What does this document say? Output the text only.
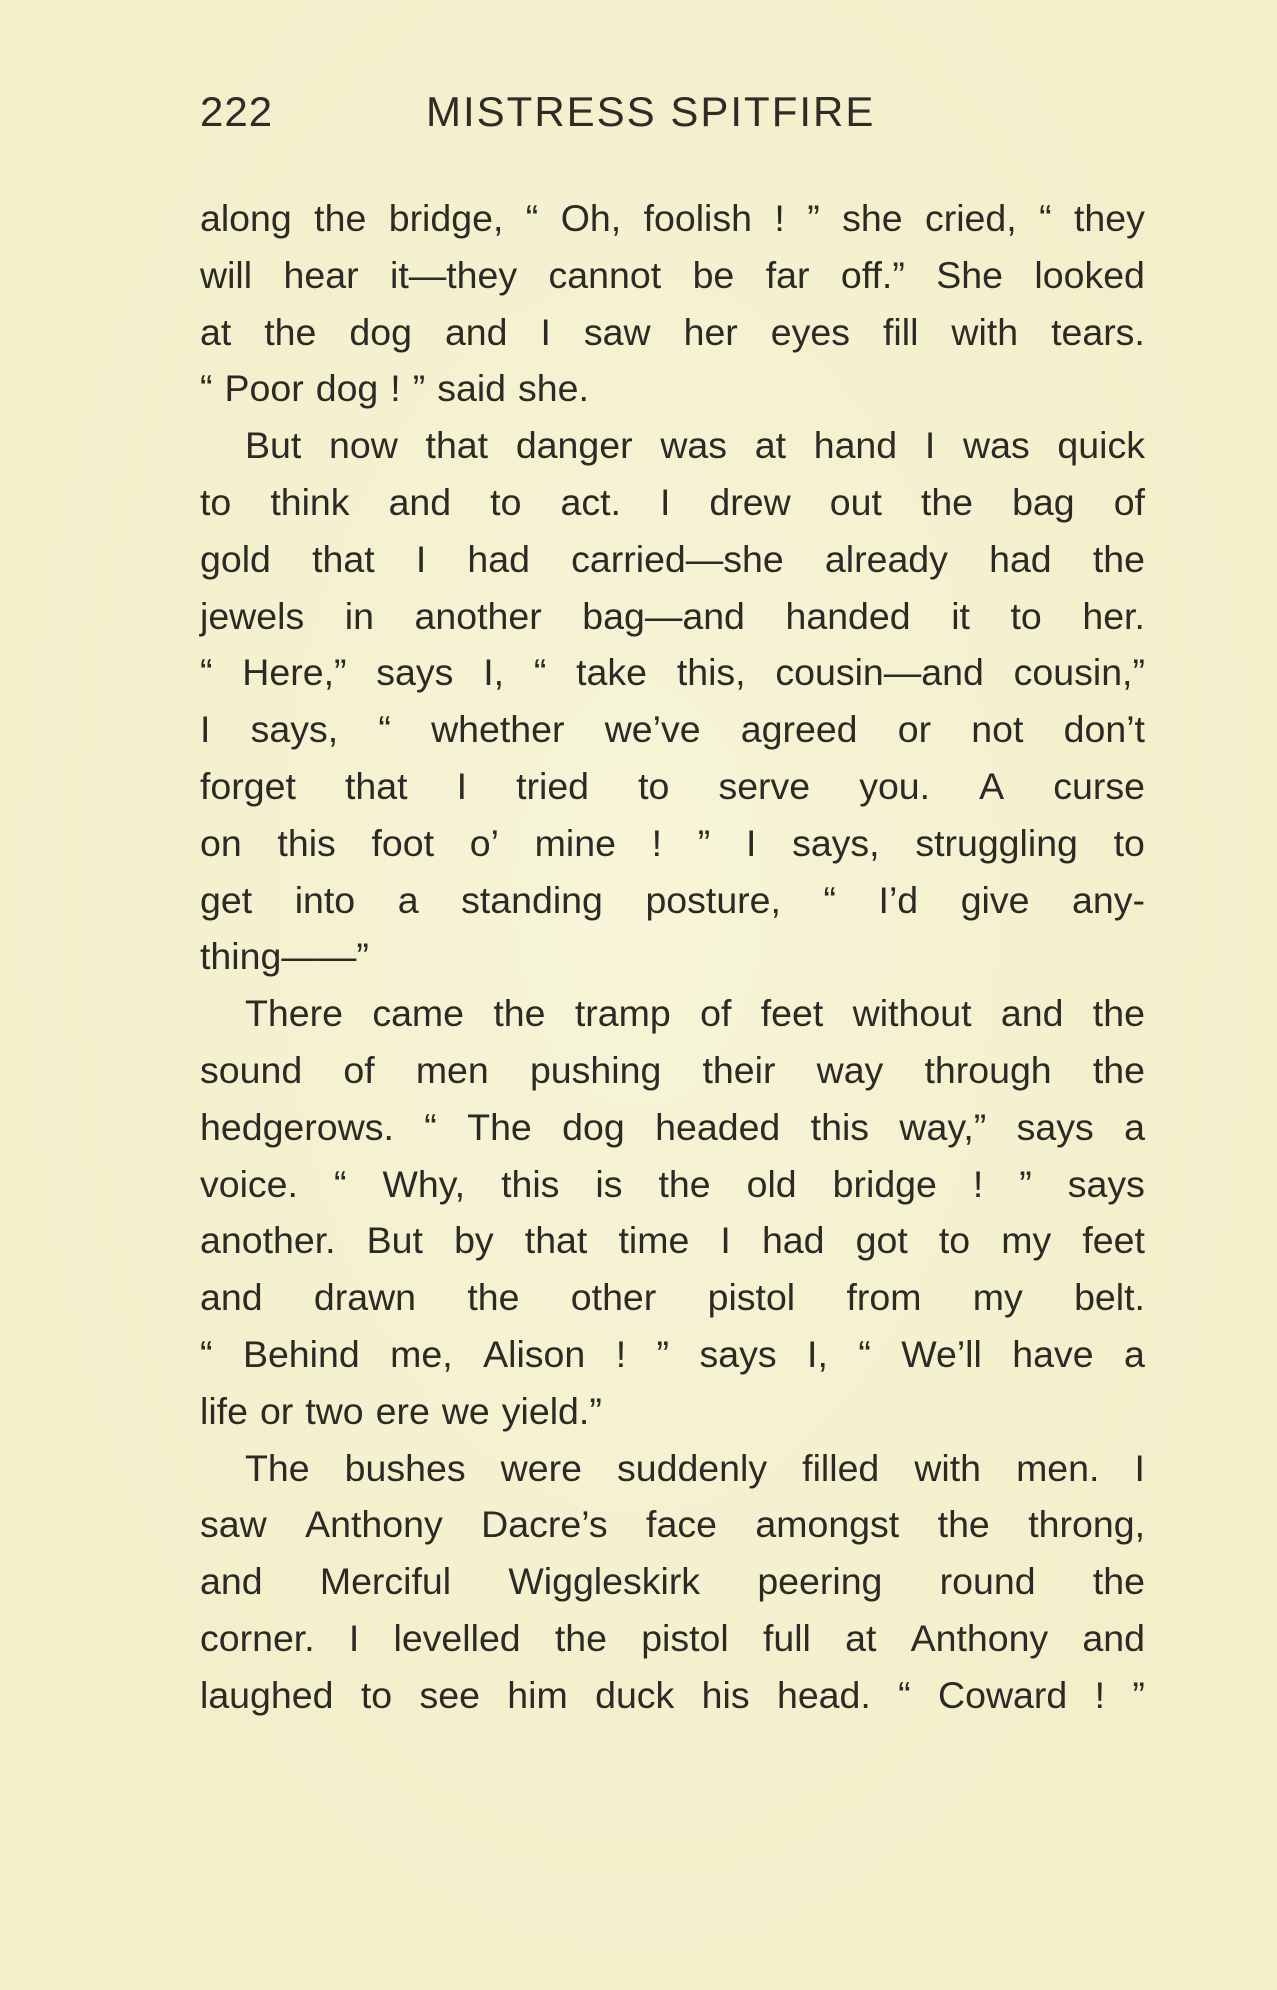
222	MISTRESS SPITFIRE
along the bridge, “ Oh, foolish ! ” she cried, “ they
will hear it—they cannot be far off.” She looked
at the dog and I saw her eyes fill with tears.
“ Poor dog ! ” said she.
But now that danger was at hand I was quick
to think and to act. I drew out the bag of
gold that I had carried—she already had the
jewels in another bag—and handed it to her.
“ Here,” says I, “ take this, cousin—and cousin,”
I says, “ whether we’ve agreed or not don’t
forget that I tried to serve you. A curse
on this foot o’ mine ! ” I says, struggling to
get into a standing posture, “ I’d give any-
thing——”
There came the tramp of feet without and the
sound of men pushing their way through the
hedgerows. “ The dog headed this way,” says a
voice. “ Why, this is the old bridge ! ” says
another. But by that time I had got to my feet
and drawn the other pistol from my belt.
“ Behind me, Alison ! ” says I, “ We’ll have a
life or two ere we yield.”
The bushes were suddenly filled with men. I
saw Anthony Dacre’s face amongst the throng,
and Merciful Wiggleskirk peering round the
corner. I levelled the pistol full at Anthony and
laughed to see him duck his head. “ Coward ! ”
